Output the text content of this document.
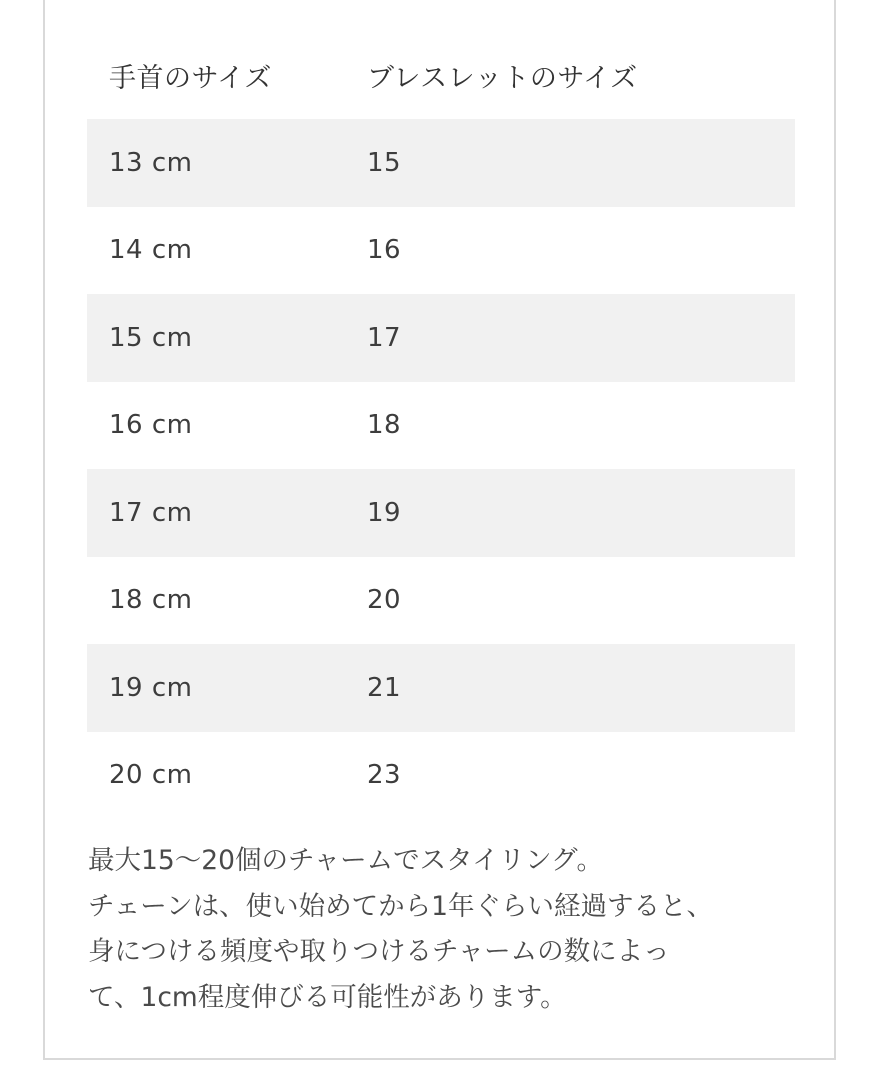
手首のサイズ	ブレスレットのサイズ
13 cm	15
14 cm	16
15 cm	17
16 cm	18
17 cm	19
18 cm	20
19 cm	21
20 cm	23

最大15〜20個のチャームでスタイリング。

チェーンは、使い始めてから1年ぐらい経過すると、

身につける頻度や取りつけるチャームの数によっ

て、1cm程度伸びる可能性があります。
